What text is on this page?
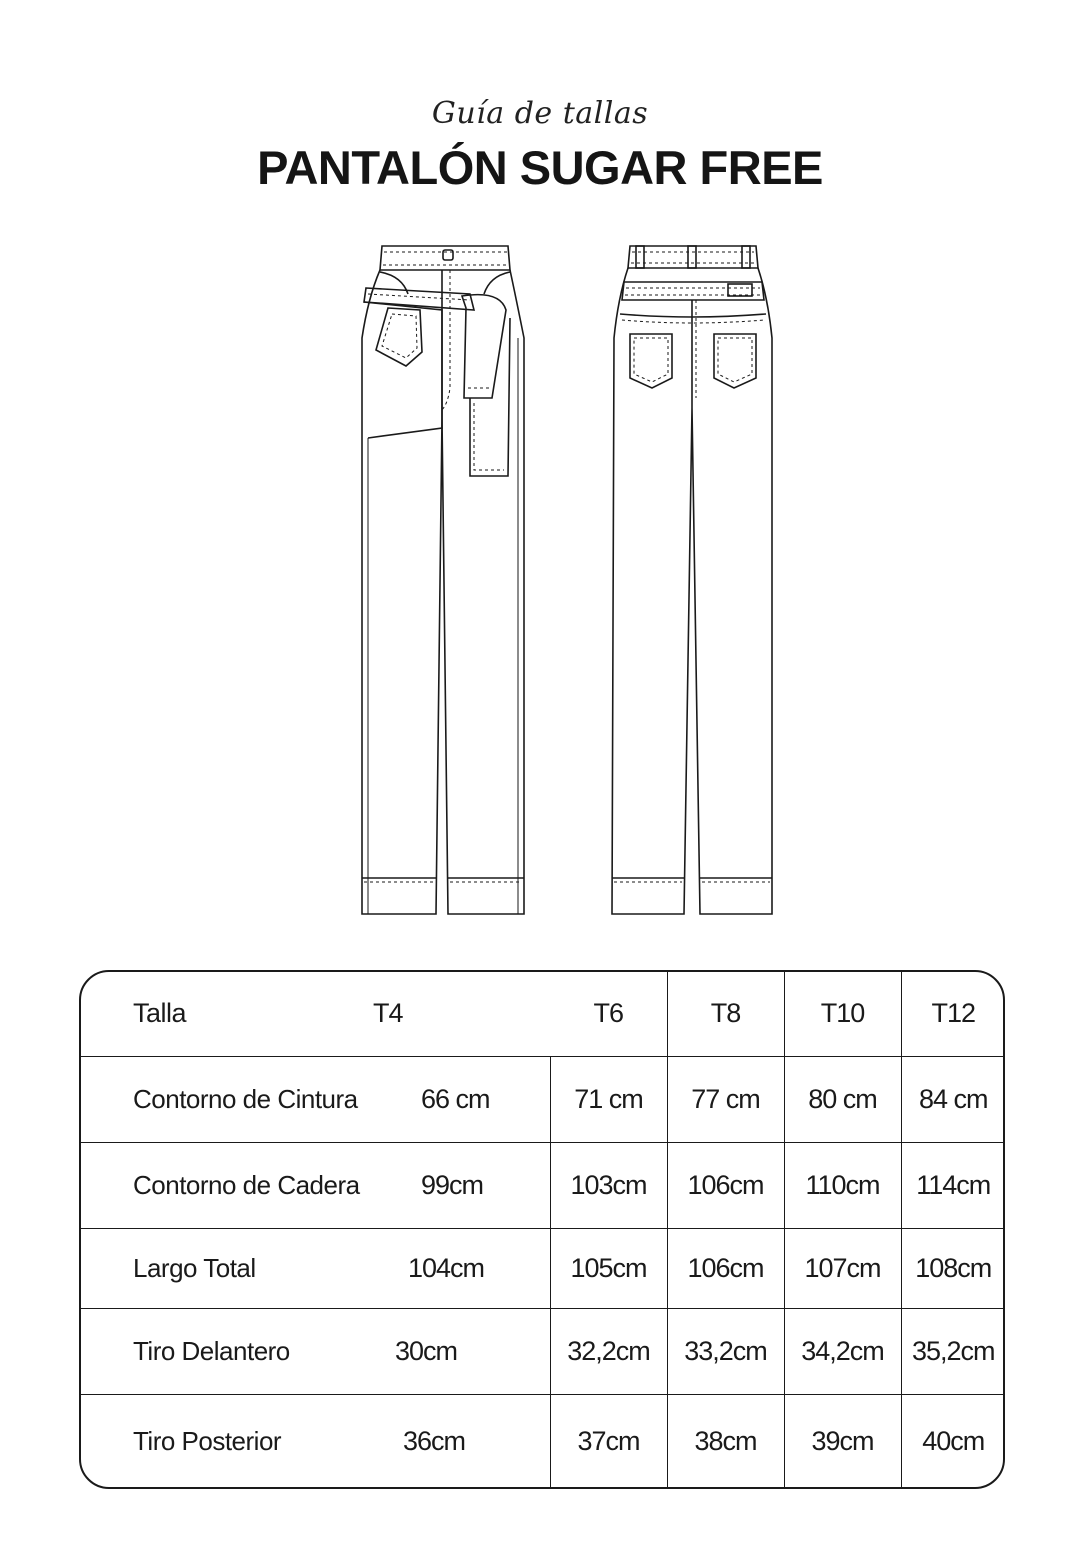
Guía de tallas
PANTALÓN SUGAR FREE
Talla	T4	T6	T8	T10	T12
Contorno de Cintura	66 cm	71 cm	77 cm	80 cm	84 cm
Contorno de Cadera	99cm	103cm	106cm	110cm	114cm
Largo Total	104cm	105cm	106cm	107cm	108cm
Tiro Delantero	30cm	32,2cm	33,2cm	34,2cm	35,2cm
Tiro Posterior	36cm	37cm	38cm	39cm	40cm
